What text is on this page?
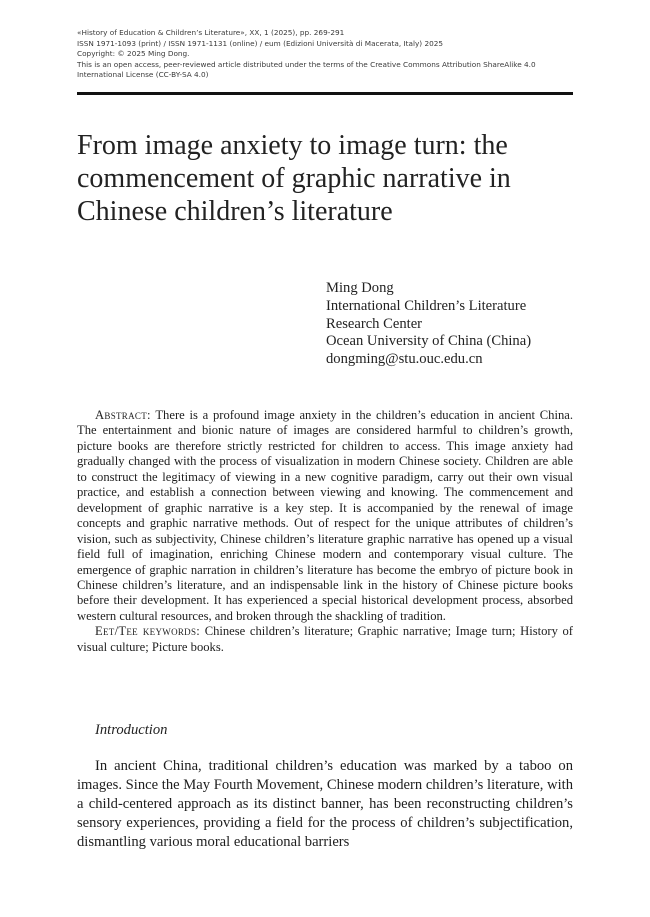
«History of Education & Children’s Literature», XX, 1 (2025), pp. 269-291
ISSN 1971-1093 (print) / ISSN 1971-1131 (online) / eum (Edizioni Università di Macerata, Italy) 2025
Copyright: © 2025 Ming Dong.
This is an open access, peer-reviewed article distributed under the terms of the Creative Commons Attribution ShareAlike 4.0
International License (CC-BY-SA 4.0)
From image anxiety to image turn: the
commencement of graphic narrative in
Chinese children’s literature
Ming Dong
International Children’s Literature
Research Center
Ocean University of China (China)
dongming@stu.ouc.edu.cn

Abstract: There is a profound image anxiety in the children’s education in ancient China. The entertainment and bionic nature of images are considered harmful to children’s growth, picture books are therefore strictly restricted for children to access. This image anxiety had gradually changed with the process of visualization in modern Chinese society. Children are able to construct the legitimacy of viewing in a new cognitive paradigm, carry out their own visual practice, and establish a connection between viewing and knowing. The commencement and development of graphic narrative is a key step. It is accompanied by the renewal of image concepts and graphic narrative methods. Out of respect for the unique attributes of children’s vision, such as subjectivity, Chinese children’s literature graphic narrative has opened up a visual field full of imagination, enriching Chinese modern and contemporary visual culture. The emergence of graphic narration in children’s literature has become the embryo of picture book in Chinese children’s literature, and an indispensable link in the history of Chinese picture books before their development. It has experienced a special historical development process, absorbed western cultural resources, and broken through the shackling of tradition.

Eet/Tee keywords: Chinese children’s literature; Graphic narrative; Image turn; History of visual culture; Picture books.

Introduction

In ancient China, traditional children’s education was marked by a taboo on images. Since the May Fourth Movement, Chinese modern children’s literature, with a child-centered approach as its distinct banner, has been reconstructing children’s sensory experiences, providing a field for the process of children’s subjectification, dismantling various moral educational barriers
